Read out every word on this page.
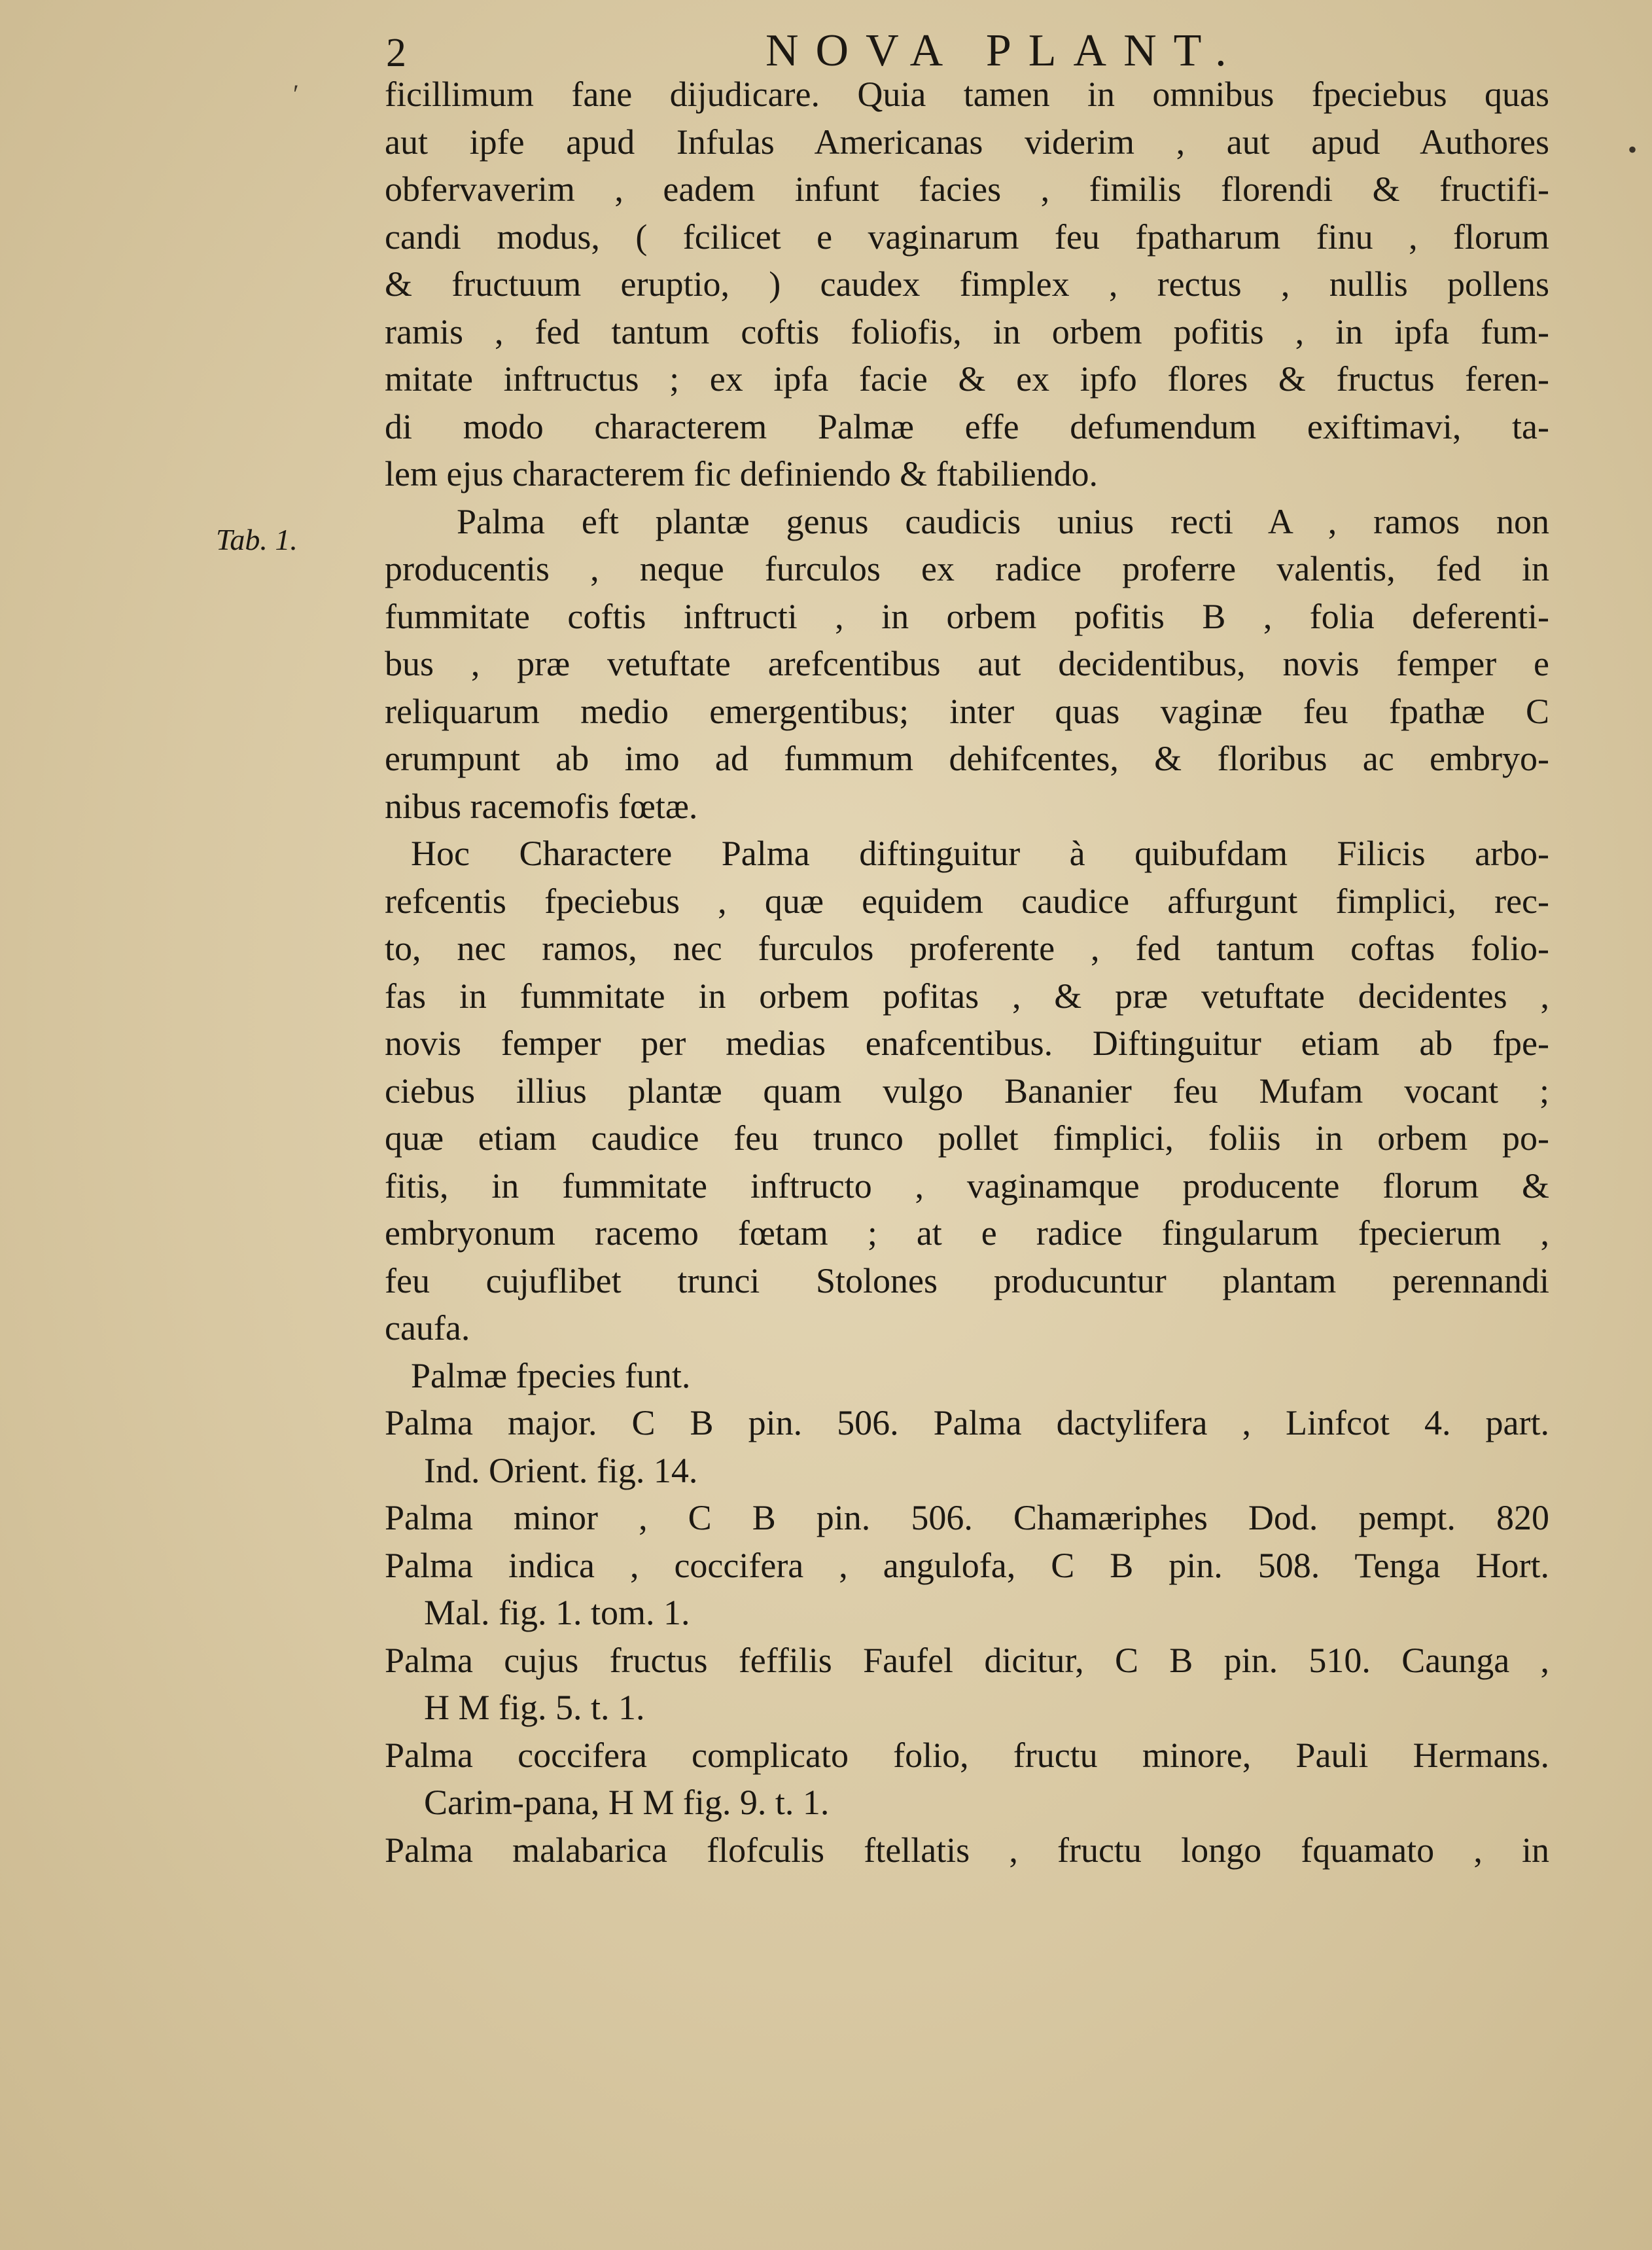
2	NOVA PLANT.
′
•
Tab. 1.
ficillimum fane dijudicare. Quia tamen in omnibus fpeciebus quas
aut ipfe apud Infulas Americanas viderim , aut apud Authores
obfervaverim , eadem infunt facies , fimilis florendi & fructifi-
candi modus, ( fcilicet e vaginarum feu fpatharum finu , florum
& fructuum eruptio, ) caudex fimplex , rectus , nullis pollens
ramis , fed tantum coftis foliofis, in orbem pofitis , in ipfa fum-
mitate inftructus ; ex ipfa facie & ex ipfo flores & fructus feren-
di modo characterem Palmæ effe defumendum exiftimavi, ta-
lem ejus characterem fic definiendo & ftabiliendo.
Palma eft plantæ genus caudicis unius recti A , ramos non
producentis , neque furculos ex radice proferre valentis, fed in
fummitate coftis inftructi , in orbem pofitis B , folia deferenti-
bus , præ vetuftate arefcentibus aut decidentibus, novis femper e
reliquarum medio emergentibus; inter quas vaginæ feu fpathæ C
erumpunt ab imo ad fummum dehifcentes, & floribus ac embryo-
nibus racemofis fœtæ.
Hoc Charactere Palma diftinguitur à quibufdam Filicis arbo-
refcentis fpeciebus , quæ equidem caudice affurgunt fimplici, rec-
to, nec ramos, nec furculos proferente , fed tantum coftas folio-
fas in fummitate in orbem pofitas , & præ vetuftate decidentes ,
novis femper per medias enafcentibus. Diftinguitur etiam ab fpe-
ciebus illius plantæ quam vulgo Bananier feu Mufam vocant ;
quæ etiam caudice feu trunco pollet fimplici, foliis in orbem po-
fitis, in fummitate inftructo , vaginamque producente florum &
embryonum racemo fœtam ; at e radice fingularum fpecierum ,
feu cujuflibet trunci Stolones producuntur plantam perennandi
caufa.
Palmæ fpecies funt.
Palma major. C B pin. 506. Palma dactylifera , Linfcot 4. part.
Ind. Orient. fig. 14.
Palma minor , C B pin. 506. Chamæriphes Dod. pempt. 820
Palma indica , coccifera , angulofa, C B pin. 508. Tenga Hort.
Mal. fig. 1. tom. 1.
Palma cujus fructus feffilis Faufel dicitur, C B pin. 510. Caunga ,
H M fig. 5. t. 1.
Palma coccifera complicato folio, fructu minore, Pauli Hermans.
Carim-pana, H M fig. 9. t. 1.
Palma malabarica flofculis ftellatis , fructu longo fquamato , in
